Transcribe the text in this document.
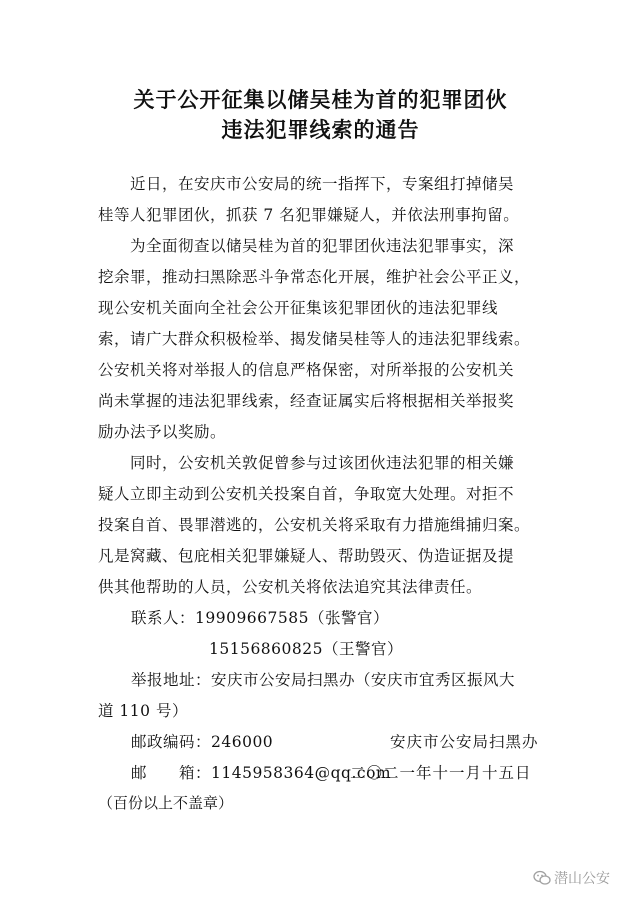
关于公开征集以储吴桂为首的犯罪团伙
违法犯罪线索的通告
　　近日，在安庆市公安局的统一指挥下，专案组打掉储吴
桂等人犯罪团伙，抓获 7 名犯罪嫌疑人，并依法刑事拘留。
　　为全面彻查以储吴桂为首的犯罪团伙违法犯罪事实，深
挖余罪，推动扫黑除恶斗争常态化开展，维护社会公平正义，
现公安机关面向全社会公开征集该犯罪团伙的违法犯罪线
索，请广大群众积极检举、揭发储吴桂等人的违法犯罪线索。
公安机关将对举报人的信息严格保密，对所举报的公安机关
尚未掌握的违法犯罪线索，经查证属实后将根据相关举报奖
励办法予以奖励。
　　同时，公安机关敦促曾参与过该团伙违法犯罪的相关嫌
疑人立即主动到公安机关投案自首，争取宽大处理。对拒不
投案自首、畏罪潜逃的，公安机关将采取有力措施缉捕归案。
凡是窝藏、包庇相关犯罪嫌疑人、帮助毁灭、伪造证据及提
供其他帮助的人员，公安机关将依法追究其法律责任。
联系人：19909667585（张警官）
15156860825（王警官）
举报地址：安庆市公安局扫黑办（安庆市宜秀区振风大
道 110 号）
邮政编码：246000
邮　　箱：1145958364@qq.com
安庆市公安局扫黑办
二〇二一年十一月十五日
（百份以上不盖章）
潜山公安
